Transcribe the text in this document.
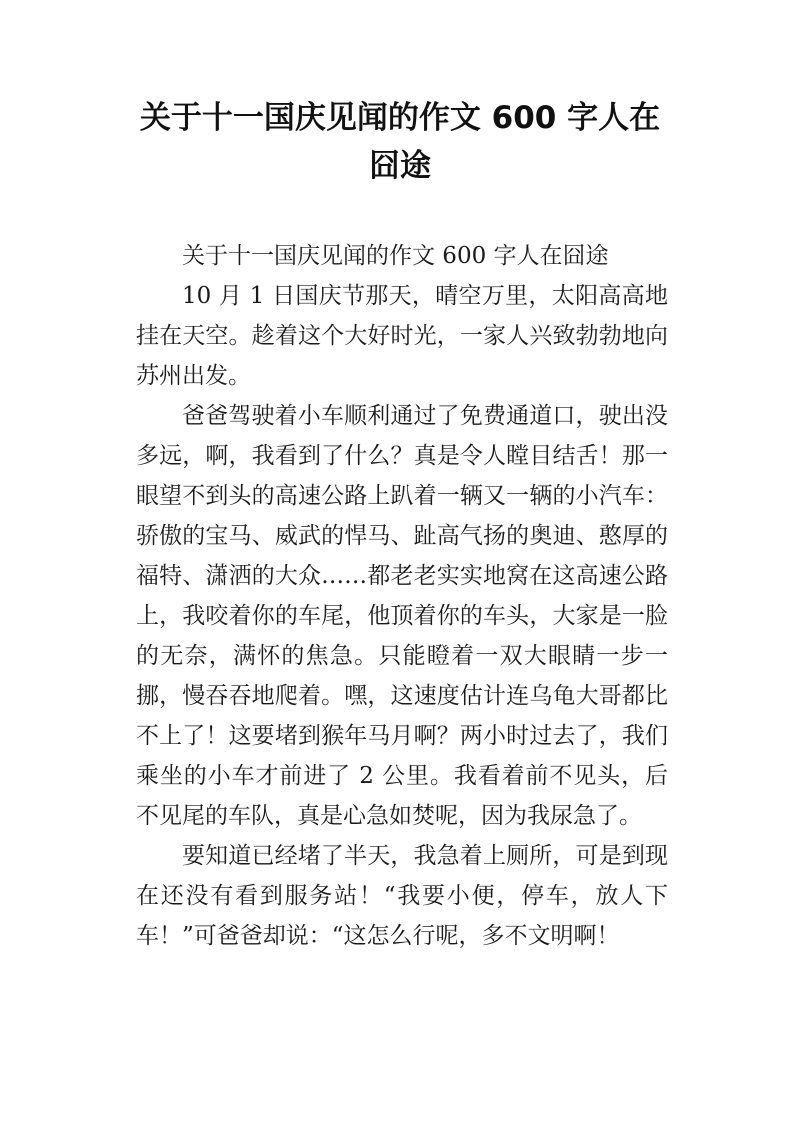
关于十一国庆见闻的作文 600 字人在
囧途

关于十一国庆见闻的作文 600 字人在囧途

10 月 1 日国庆节那天，晴空万里，太阳高高地挂在天空。趁着这个大好时光，一家人兴致勃勃地向苏州出发。

爸爸驾驶着小车顺利通过了免费通道口，驶出没多远，啊，我看到了什么？真是令人瞠目结舌！那一眼望不到头的高速公路上趴着一辆又一辆的小汽车：骄傲的宝马、威武的悍马、趾高气扬的奥迪、憨厚的福特、潇洒的大众……都老老实实地窝在这高速公路上，我咬着你的车尾，他顶着你的车头，大家是一脸的无奈，满怀的焦急。只能瞪着一双大眼睛一步一挪，慢吞吞地爬着。嘿，这速度估计连乌龟大哥都比不上了！这要堵到猴年马月啊？两小时过去了，我们乘坐的小车才前进了 2 公里。我看着前不见头，后不见尾的车队，真是心急如焚呢，因为我尿急了。

要知道已经堵了半天，我急着上厕所，可是到现在还没有看到服务站！“我要小便，停车，放人下车！”可爸爸却说：“这怎么行呢，多不文明啊！
